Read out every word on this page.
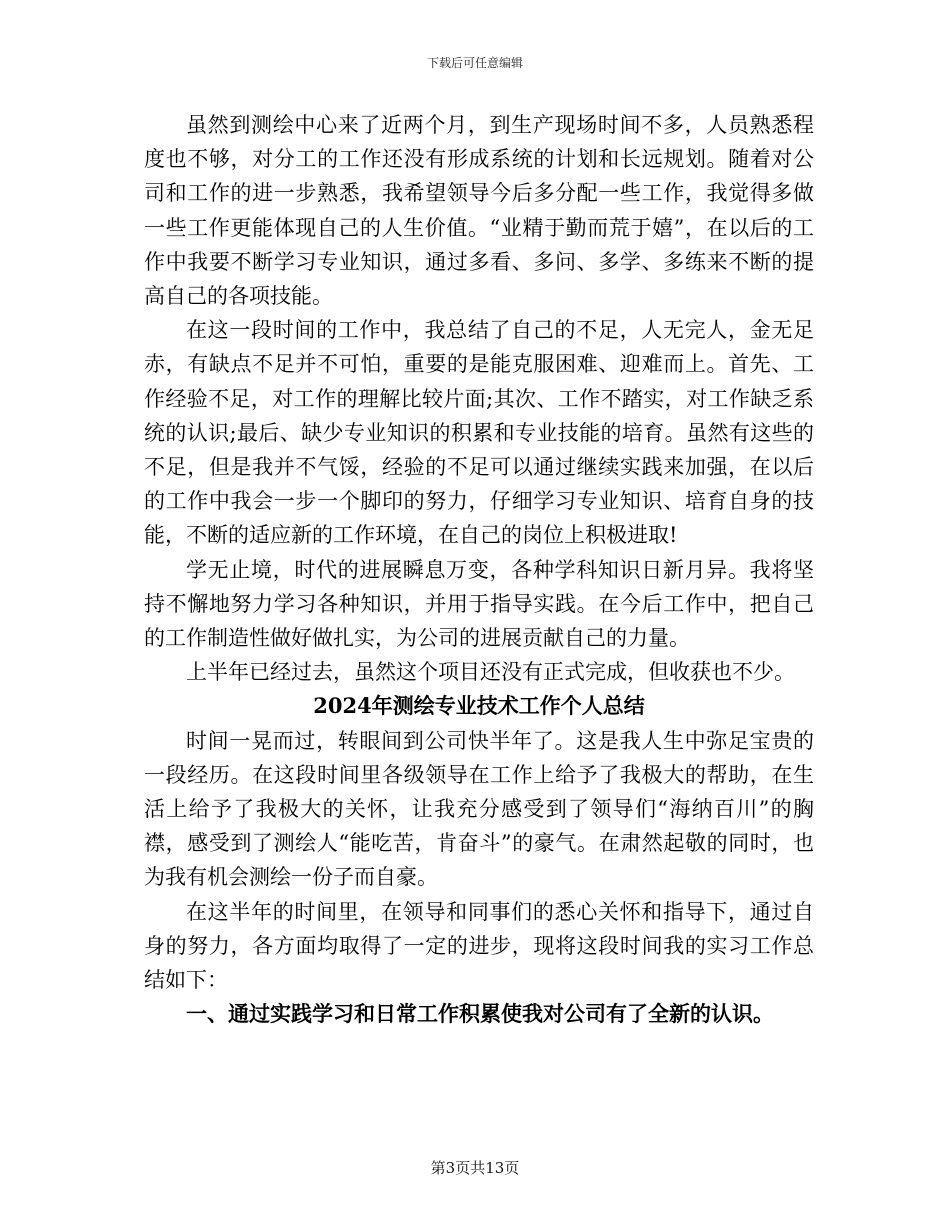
下载后可任意编辑

虽然到测绘中心来了近两个月，到生产现场时间不多，人员熟悉程度也不够，对分工的工作还没有形成系统的计划和长远规划。随着对公司和工作的进一步熟悉，我希望领导今后多分配一些工作，我觉得多做一些工作更能体现自己的人生价值。“业精于勤而荒于嬉”，在以后的工作中我要不断学习专业知识，通过多看、多问、多学、多练来不断的提高自己的各项技能。

在这一段时间的工作中，我总结了自己的不足，人无完人，金无足赤，有缺点不足并不可怕，重要的是能克服困难、迎难而上。首先、工作经验不足，对工作的理解比较片面;其次、工作不踏实，对工作缺乏系统的认识;最后、缺少专业知识的积累和专业技能的培育。虽然有这些的不足，但是我并不气馁，经验的不足可以通过继续实践来加强，在以后的工作中我会一步一个脚印的努力，仔细学习专业知识、培育自身的技能，不断的适应新的工作环境，在自己的岗位上积极进取!

学无止境，时代的进展瞬息万变，各种学科知识日新月异。我将坚持不懈地努力学习各种知识，并用于指导实践。在今后工作中，把自己的工作制造性做好做扎实，为公司的进展贡献自己的力量。

上半年已经过去，虽然这个项目还没有正式完成，但收获也不少。

2024年测绘专业技术工作个人总结

时间一晃而过，转眼间到公司快半年了。这是我人生中弥足宝贵的一段经历。在这段时间里各级领导在工作上给予了我极大的帮助，在生活上给予了我极大的关怀，让我充分感受到了领导们“海纳百川”的胸襟，感受到了测绘人“能吃苦，肯奋斗”的豪气。在肃然起敬的同时，也为我有机会测绘一份子而自豪。

在这半年的时间里，在领导和同事们的悉心关怀和指导下，通过自身的努力，各方面均取得了一定的进步，现将这段时间我的实习工作总结如下：

一、通过实践学习和日常工作积累使我对公司有了全新的认识。

第3页共13页
